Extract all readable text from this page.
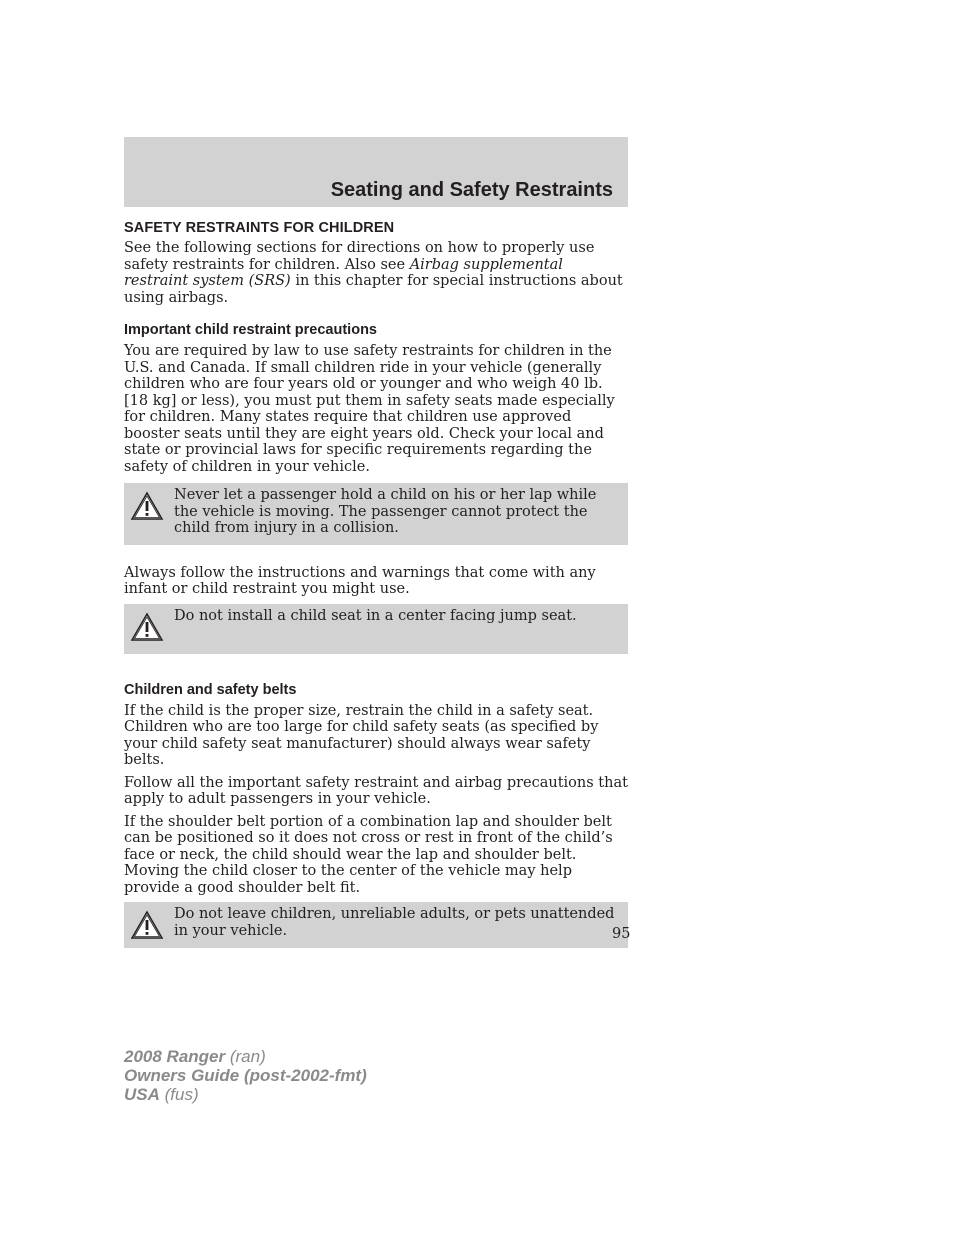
Seating and Safety Restraints
SAFETY RESTRAINTS FOR CHILDREN

See the following sections for directions on how to properly use safety restraints for children. Also see Airbag supplemental restraint system (SRS) in this chapter for special instructions about using airbags.

Important child restraint precautions

You are required by law to use safety restraints for children in the U.S. and Canada. If small children ride in your vehicle (generally children who are four years old or younger and who weigh 40 lb. [18 kg] or less), you must put them in safety seats made especially for children. Many states require that children use approved booster seats until they are eight years old. Check your local and state or provincial laws for specific requirements regarding the safety of children in your vehicle.

Never let a passenger hold a child on his or her lap while the vehicle is moving. The passenger cannot protect the child from injury in a collision.

Always follow the instructions and warnings that come with any infant or child restraint you might use.

Do not install a child seat in a center facing jump seat.
Children and safety belts

If the child is the proper size, restrain the child in a safety seat. Children who are too large for child safety seats (as specified by your child safety seat manufacturer) should always wear safety belts.

Follow all the important safety restraint and airbag precautions that apply to adult passengers in your vehicle.

If the shoulder belt portion of a combination lap and shoulder belt can be positioned so it does not cross or rest in front of the child’s face or neck, the child should wear the lap and shoulder belt. Moving the child closer to the center of the vehicle may help provide a good shoulder belt fit.

Do not leave children, unreliable adults, or pets unattended in your vehicle.	95
2008 Ranger (ran)
Owners Guide (post-2002-fmt)
USA (fus)
